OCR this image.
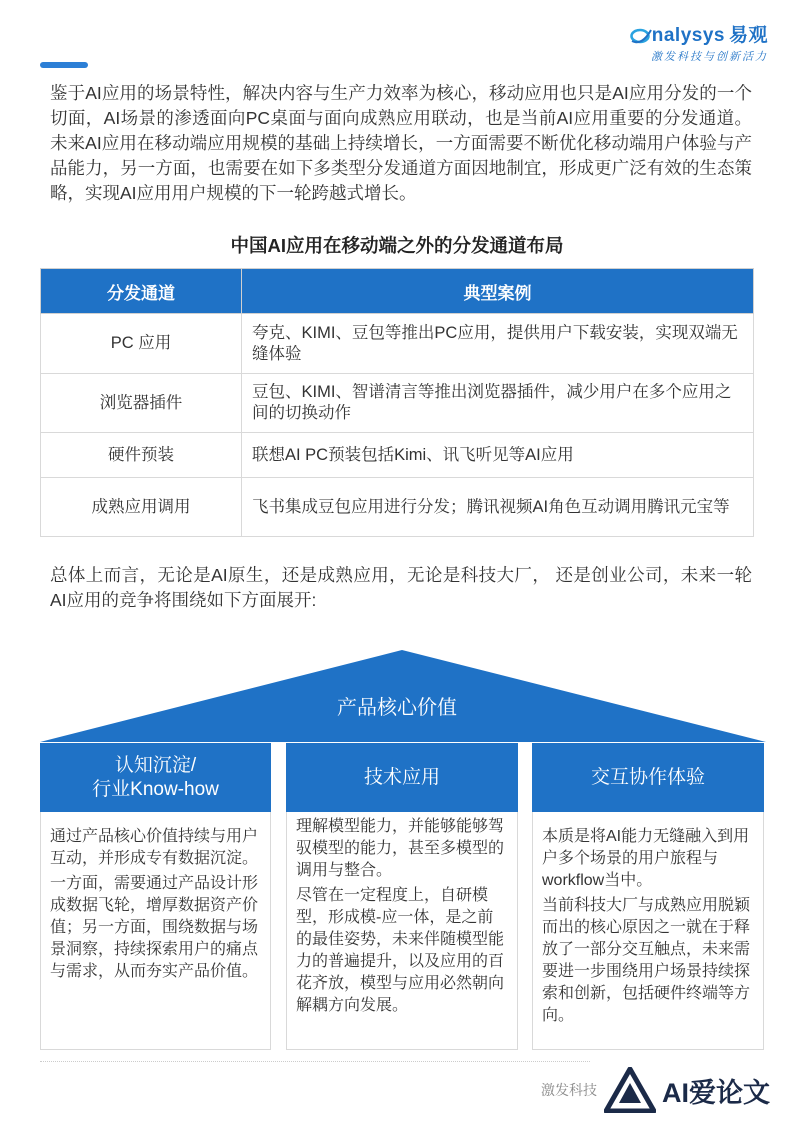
nalysys 易观
激发科技与创新活力

鉴于AI应用的场景特性，解决内容与生产力效率为核心，移动应用也只是AI应用分发的一个切面，AI场景的渗透面向PC桌面与面向成熟应用联动，也是当前AI应用重要的分发通道。未来AI应用在移动端应用规模的基础上持续增长，一方面需要不断优化移动端用户体验与产品能力，另一方面，也需要在如下多类型分发通道方面因地制宜，形成更广泛有效的生态策略，实现AI应用用户规模的下一轮跨越式增长。

中国AI应用在移动端之外的分发通道布局
分发通道	典型案例
PC 应用	夸克、KIMI、豆包等推出PC应用，提供用户下载安装，实现双端无缝体验
浏览器插件	豆包、KIMI、智谱清言等推出浏览器插件，减少用户在多个应用之间的切换动作
硬件预装	联想AI PC预装包括Kimi、讯飞听见等AI应用
成熟应用调用	飞书集成豆包应用进行分发；腾讯视频AI角色互动调用腾讯元宝等

总体上而言，无论是AI原生，还是成熟应用，无论是科技大厂， 还是创业公司，未来一轮AI应用的竞争将围绕如下方面展开:

产品核心价值
认知沉淀/
行业Know-how

通过产品核心价值持续与用户互动，并形成专有数据沉淀。

一方面，需要通过产品设计形成数据飞轮，增厚数据资产价值；另一方面，围绕数据与场景洞察，持续探索用户的痛点与需求，从而夯实产品价值。

技术应用

理解模型能力，并能够能够驾驭模型的能力，甚至多模型的调用与整合。

尽管在一定程度上，自研模型，形成模-应一体，是之前的最佳姿势，未来伴随模型能力的普遍提升，以及应用的百花齐放，模型与应用必然朝向解耦方向发展。

交互协作体验

本质是将AI能力无缝融入到用户多个场景的用户旅程与workflow当中。

当前科技大厂与成熟应用脱颖而出的核心原因之一就在于释放了一部分交互触点，未来需要进一步围绕用户场景持续探索和创新，包括硬件终端等方向。

激发科技 AI爱论文
